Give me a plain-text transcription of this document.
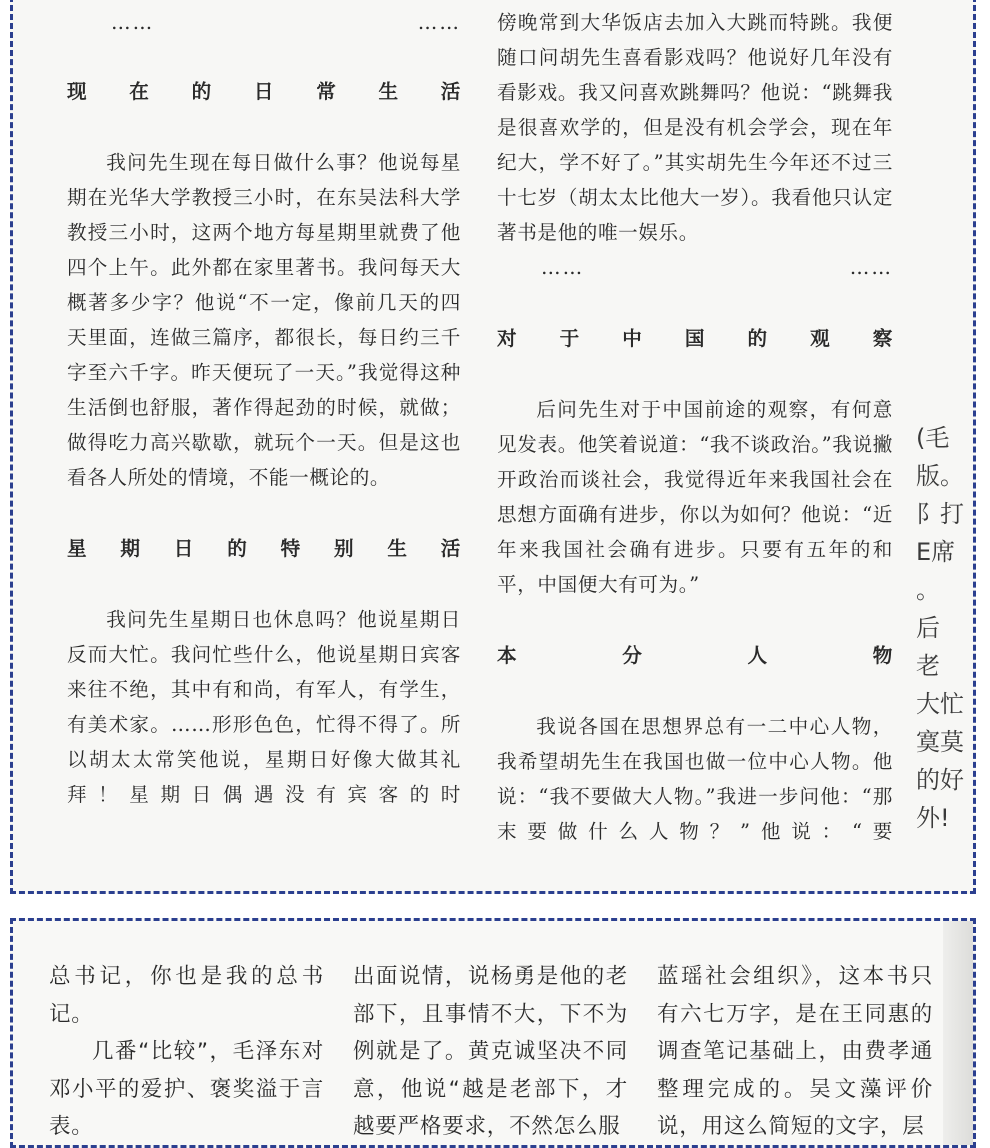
…… ……

现在的日常生活

我问先生现在每日做什么事？他说每星期在光华大学教授三小时，在东吴法科大学教授三小时，这两个地方每星期里就费了他四个上午。此外都在家里著书。我问每天大概著多少字？他说“不一定，像前几天的四天里面，连做三篇序，都很长，每日约三千字至六千字。昨天便玩了一天。”我觉得这种生活倒也舒服，著作得起劲的时候，就做；做得吃力高兴歇歇，就玩个一天。但是这也看各人所处的情境，不能一概论的。

星期日的特别生活

我问先生星期日也休息吗？他说星期日反而大忙。我问忙些什么，他说星期日宾客来往不绝，其中有和尚，有军人，有学生，有美术家。……形形色色，忙得不得了。所以胡太太常笑他说，星期日好像大做其礼拜！星期日偶遇没有宾客的时

傍晚常到大华饭店去加入大跳而特跳。我便随口问胡先生喜看影戏吗？他说好几年没有看影戏。我又问喜欢跳舞吗？他说：“跳舞我是很喜欢学的，但是没有机会学会，现在年纪大，学不好了。”其实胡先生今年还不过三十七岁（胡太太比他大一岁）。我看他只认定著书是他的唯一娱乐。

…… ……

对于中国的观察

后问先生对于中国前途的观察，有何意见发表。他笑着说道：“我不谈政治。”我说撇开政治而谈社会，我觉得近年来我国社会在思想方面确有进步，你以为如何？他说：“近年来我国社会确有进步。只要有五年的和平，中国便大有可为。”

本分人物

我说各国在思想界总有一二中心人物，我希望胡先生在我国也做一位中心人物。他说：“我不要做大人物。”我进一步问他：“那末要做什么人物？”他说：“要

(毛
版。
阝打
E席
。
后
老
大忙
寞莫
的好
外!

总书记，你也是我的总书记。

几番“比较”，毛泽东对邓小平的爱护、褒奖溢于言表。

出面说情，说杨勇是他的老部下，且事情不大，下不为例就是了。黄克诚坚决不同意，他说“越是老部下，才越要严格要求，不然怎么服

蓝瑶社会组织》，这本书只有六七万字，是在王同惠的调查笔记基础上，由费孝通整理完成的。吴文藻评价说，用这么简短的文字，层
